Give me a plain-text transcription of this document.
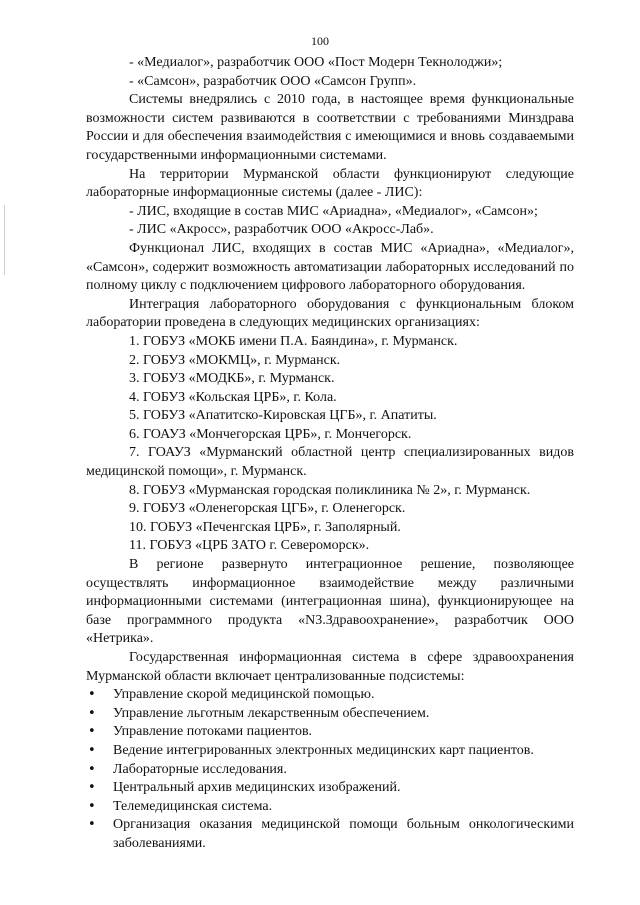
100

- «Медиалог», разработчик ООО «Пост Модерн Текнолоджи»;

- «Самсон», разработчик ООО «Самсон Групп».

Системы внедрялись с 2010 года, в настоящее время функциональные возможности систем развиваются в соответствии с требованиями Минздрава России и для обеспечения взаимодействия с имеющимися и вновь создаваемыми государственными информационными системами.

На территории Мурманской области функционируют следующие лабораторные информационные системы (далее - ЛИС):

- ЛИС, входящие в состав МИС «Ариадна», «Медиалог», «Самсон»;

- ЛИС «Акросс», разработчик ООО «Акросс-Лаб».

Функционал ЛИС, входящих в состав МИС «Ариадна», «Медиалог», «Самсон», содержит возможность автоматизации лабораторных исследований по полному циклу с подключением цифрового лабораторного оборудования.

Интеграция лабораторного оборудования с функциональным блоком лаборатории проведена в следующих медицинских организациях:

1. ГОБУЗ «МОКБ имени П.А. Баяндина», г. Мурманск.

2. ГОБУЗ «МОКМЦ», г. Мурманск.

3. ГОБУЗ «МОДКБ», г. Мурманск.

4. ГОБУЗ «Кольская ЦРБ», г. Кола.

5. ГОБУЗ «Апатитско-Кировская ЦГБ», г. Апатиты.

6. ГОАУЗ «Мончегорская ЦРБ», г. Мончегорск.

7. ГОАУЗ «Мурманский областной центр специализированных видов медицинской помощи», г. Мурманск.

8. ГОБУЗ «Мурманская городская поликлиника № 2», г. Мурманск.

9. ГОБУЗ «Оленегорская ЦГБ», г. Оленегорск.

10. ГОБУЗ «Печенгская ЦРБ», г. Заполярный.

11. ГОБУЗ «ЦРБ ЗАТО г. Североморск».

В регионе развернуто интеграционное решение, позволяющее осуществлять информационное взаимодействие между различными информационными системами (интеграционная шина), функционирующее на базе программного продукта «N3.Здравоохранение», разработчик ООО «Нетрика».

Государственная информационная система в сфере здравоохранения Мурманской области включает централизованные подсистемы:

•	Управление скорой медицинской помощью.

•	Управление льготным лекарственным обеспечением.

•	Управление потоками пациентов.

•	Ведение интегрированных электронных медицинских карт пациентов.

•	Лабораторные исследования.

•	Центральный архив медицинских изображений.

•	Телемедицинская система.

•	Организация оказания медицинской помощи больным онкологическими заболеваниями.
